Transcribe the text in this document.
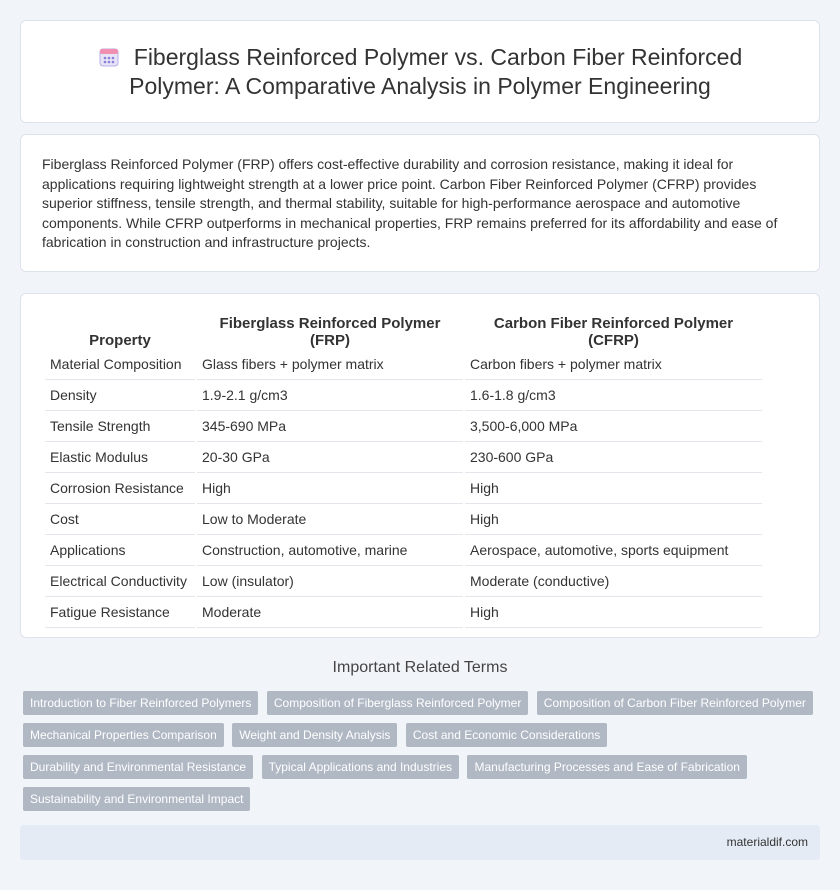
Fiberglass Reinforced Polymer vs. Carbon Fiber Reinforced Polymer: A Comparative Analysis in Polymer Engineering

Fiberglass Reinforced Polymer (FRP) offers cost-effective durability and corrosion resistance, making it ideal for applications requiring lightweight strength at a lower price point. Carbon Fiber Reinforced Polymer (CFRP) provides superior stiffness, tensile strength, and thermal stability, suitable for high-performance aerospace and automotive components. While CFRP outperforms in mechanical properties, FRP remains preferred for its affordability and ease of fabrication in construction and infrastructure projects.

Property	Fiberglass Reinforced Polymer (FRP)	Carbon Fiber Reinforced Polymer (CFRP)
Material Composition	Glass fibers + polymer matrix	Carbon fibers + polymer matrix
Density	1.9-2.1 g/cm3	1.6-1.8 g/cm3
Tensile Strength	345-690 MPa	3,500-6,000 MPa
Elastic Modulus	20-30 GPa	230-600 GPa
Corrosion Resistance	High	High
Cost	Low to Moderate	High
Applications	Construction, automotive, marine	Aerospace, automotive, sports equipment
Electrical Conductivity	Low (insulator)	Moderate (conductive)
Fatigue Resistance	Moderate	High
Important Related Terms
Introduction to Fiber Reinforced Polymers Composition of Fiberglass Reinforced Polymer Composition of Carbon Fiber Reinforced Polymer Mechanical Properties Comparison Weight and Density Analysis Cost and Economic Considerations Durability and Environmental Resistance Typical Applications and Industries Manufacturing Processes and Ease of Fabrication Sustainability and Environmental Impact
materialdif.com
